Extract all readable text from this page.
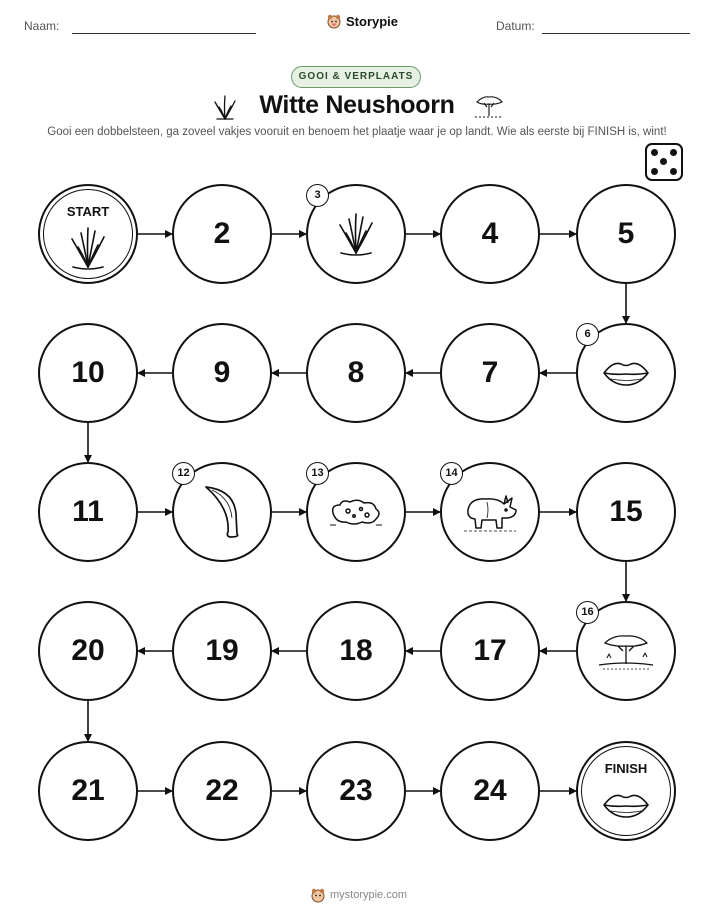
Naam:	Storypie	Datum:
GOOI & VERPLAATS
Witte Neushoorn
Gooi een dobbelsteen, ga zoveel vakjes vooruit en benoem het plaatje waar je op landt. Wie als eerste bij FINISH is, wint!
START
2
3
4	5
6
7
8
9
10
11
12	13	14
15
16
17
18
19
20
21	22	23	24
FINISH
mystorypie.com
